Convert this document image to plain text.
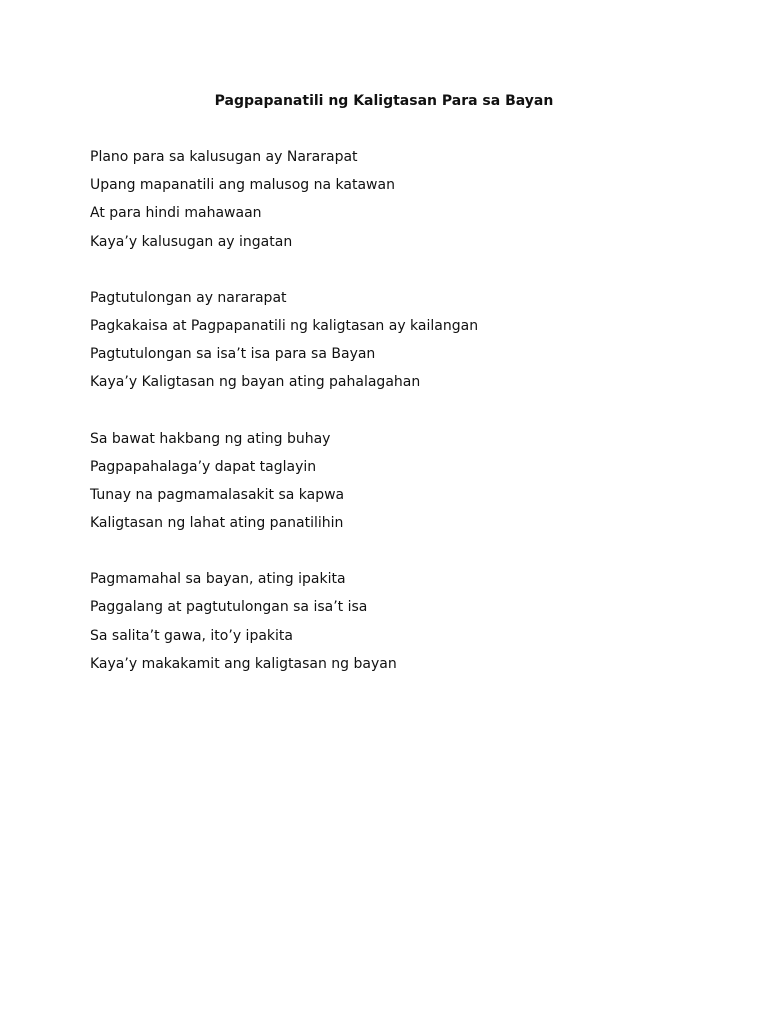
Pagpapanatili ng Kaligtasan Para sa Bayan
Plano para sa kalusugan ay Nararapat
Upang mapanatili ang malusog na katawan
At para hindi mahawaan
Kaya’y kalusugan ay ingatan
Pagtutulongan ay nararapat
Pagkakaisa at Pagpapanatili ng kaligtasan ay kailangan
Pagtutulongan sa isa’t isa para sa Bayan
Kaya’y Kaligtasan ng bayan ating pahalagahan
Sa bawat hakbang ng ating buhay
Pagpapahalaga’y dapat taglayin
Tunay na pagmamalasakit sa kapwa
Kaligtasan ng lahat ating panatilihin
Pagmamahal sa bayan, ating ipakita
Paggalang at pagtutulongan sa isa’t isa
Sa salita’t gawa, ito’y ipakita
Kaya’y makakamit ang kaligtasan ng bayan
